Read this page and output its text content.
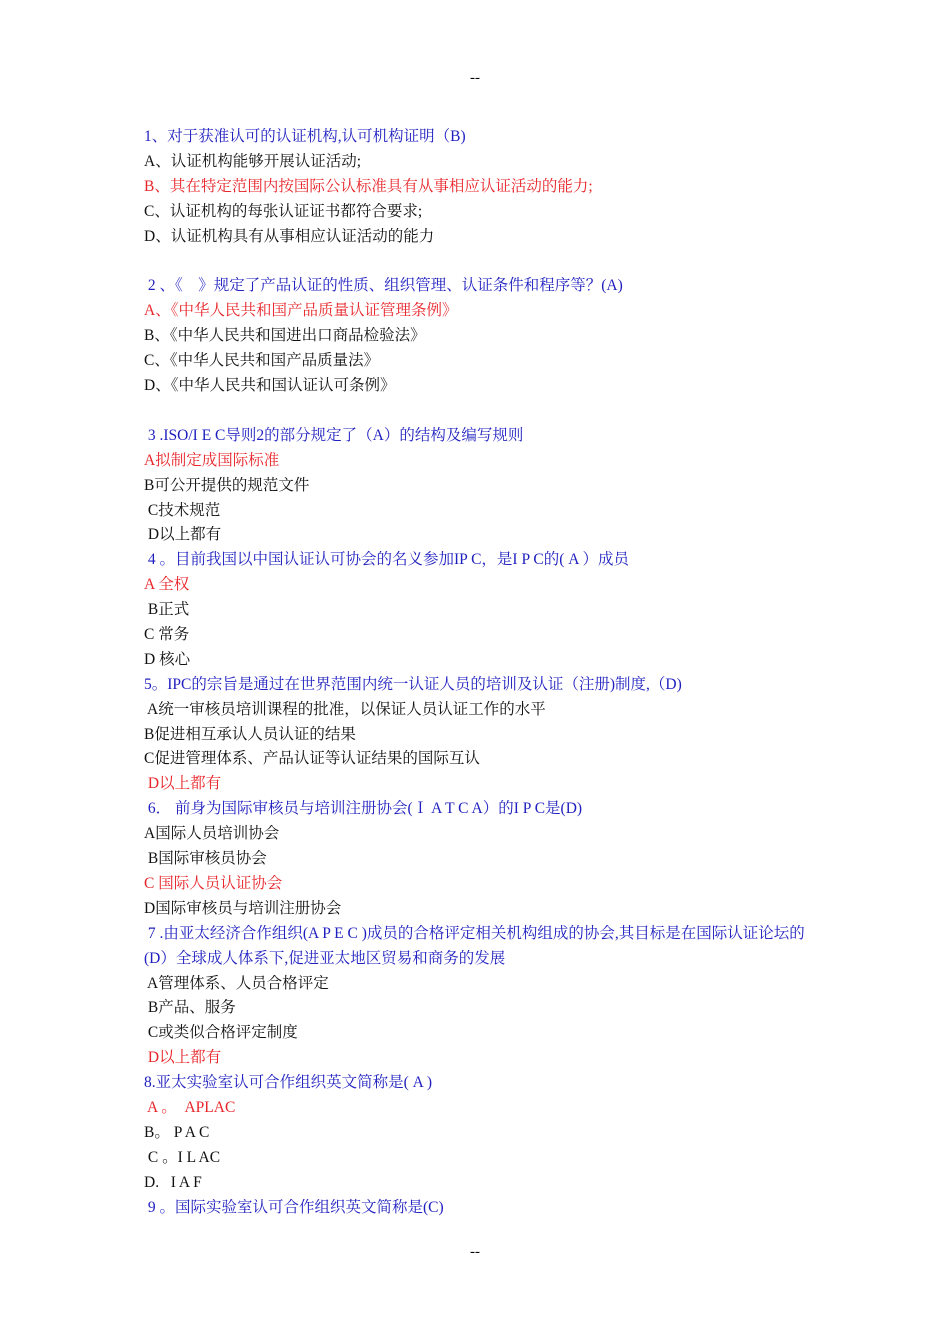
--
1、对于获准认可的认证机构,认可机构证明（B)
A、认证机构能够开展认证活动;
B、其在特定范围内按国际公认标准具有从事相应认证活动的能力;
C、认证机构的每张认证证书都符合要求;
D、认证机构具有从事相应认证活动的能力
2 、《    》规定了产品认证的性质、组织管理、认证条件和程序等？(A)
A、《中华人民共和国产品质量认证管理条例》
B、《中华人民共和国进出口商品检验法》
C、《中华人民共和国产品质量法》
D、《中华人民共和国认证认可条例》
3 .ISO/I E C导则2的部分规定了（A）的结构及编写规则
A拟制定成国际标准
B可公开提供的规范文件
C技术规范
D以上都有
4 。目前我国以中国认证认可协会的名义参加IP C，是I P C的( A ）成员
A 全权
B正式
C 常务
D 核心
5。IPC的宗旨是通过在世界范围内统一认证人员的培训及认证（注册)制度,（D)
A统一审核员培训课程的批准，以保证人员认证工作的水平
B促进相互承认人员认证的结果
C促进管理体系、产品认证等认证结果的国际互认
D以上都有
6． 前身为国际审核员与培训注册协会(Ｉ A T C A）的I P C是(D)
A国际人员培训协会
B国际审核员协会
C 国际人员认证协会
D国际审核员与培训注册协会
7 .由亚太经济合作组织(A P E C )成员的合格评定相关机构组成的协会,其目标是在国际认证论坛的(D）全球成人体系下,促进亚太地区贸易和商务的发展
A管理体系、人员合格评定
B产品、服务
C或类似合格评定制度
D以上都有
8.亚太实验室认可合作组织英文简称是( A )
A 。  APLAC
B。 P A C
C 。I L AC
D.   I A F
9 。国际实验室认可合作组织英文简称是(C)
--
